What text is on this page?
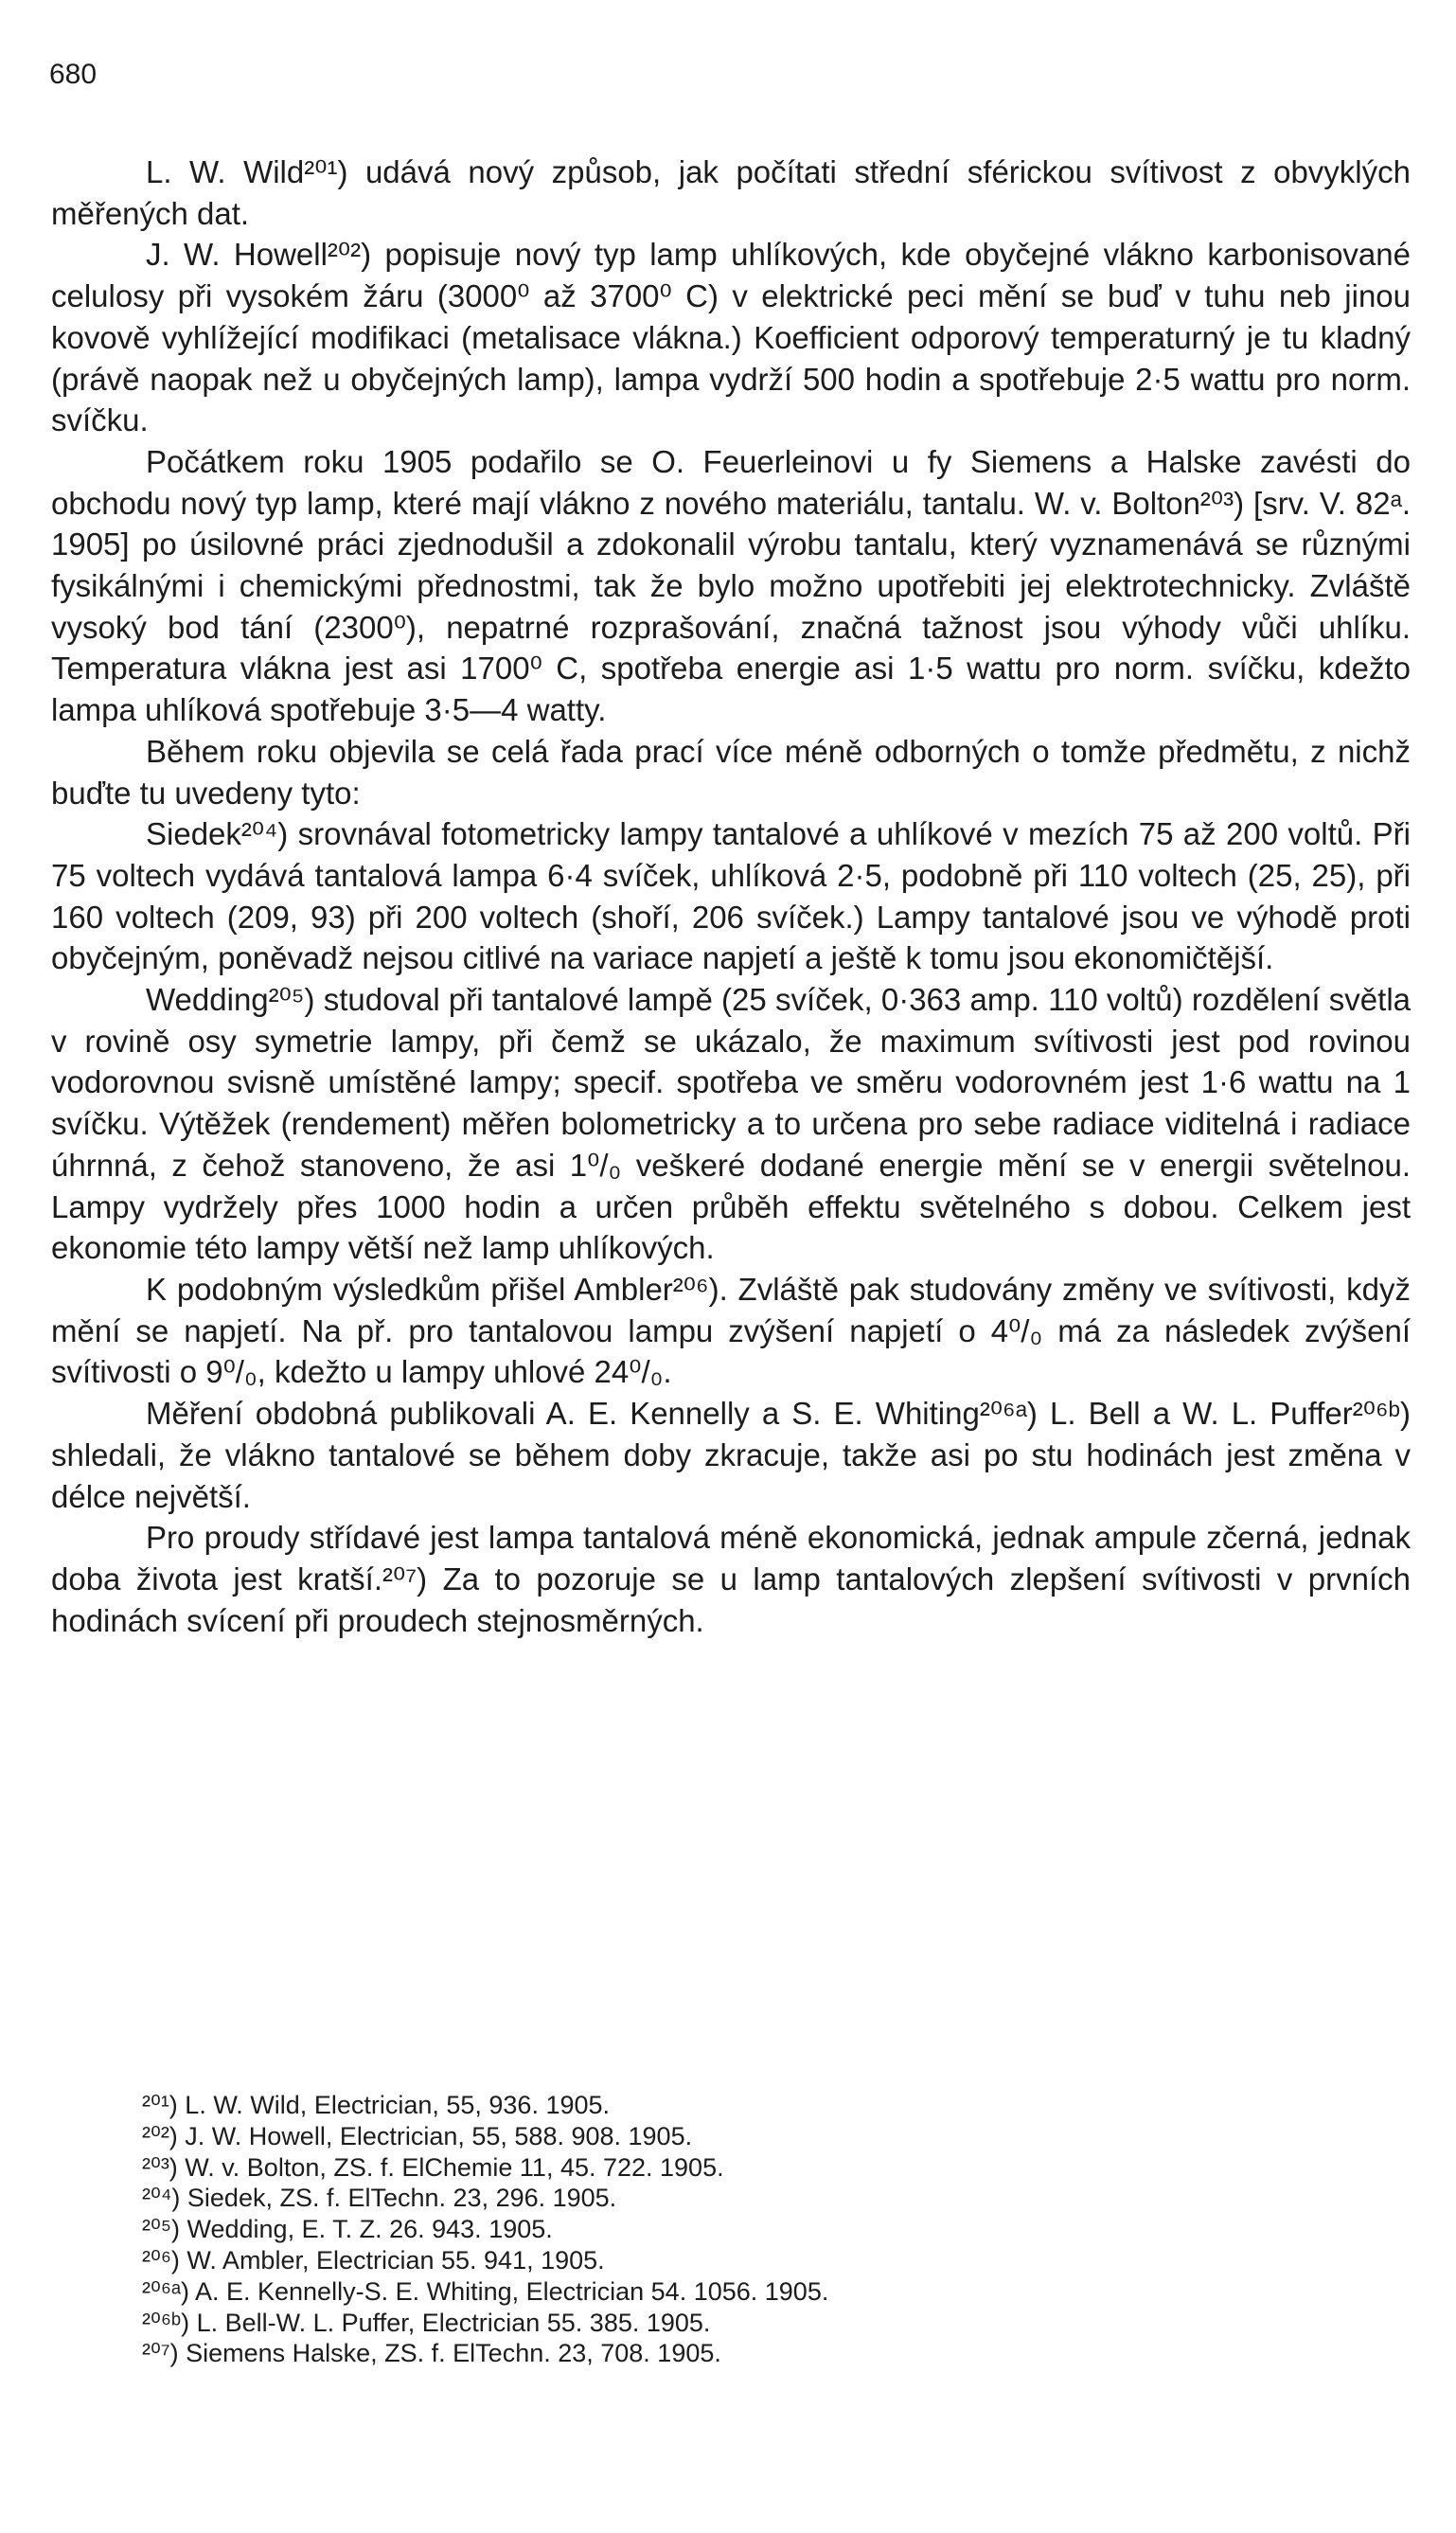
680

L. W. Wild²⁰¹) udává nový způsob, jak počítati střední sférickou svítivost z obvyklých měřených dat.

J. W. Howell²⁰²) popisuje nový typ lamp uhlíkových, kde obyčejné vlákno karbonisované celulosy při vysokém žáru (3000⁰ až 3700⁰ C) v elektrické peci mění se buď v tuhu neb jinou kovově vyhlížející modifikaci (metalisace vlákna.) Koefficient odporový temperaturný je tu kladný (právě naopak než u obyčejných lamp), lampa vydrží 500 hodin a spotřebuje 2·5 wattu pro norm. svíčku.

Počátkem roku 1905 podařilo se O. Feuerleinovi u fy Siemens a Halske zavésti do obchodu nový typ lamp, které mají vlákno z nového materiálu, tantalu. W. v. Bolton²⁰³) [srv. V. 82ᵃ. 1905] po úsilovné práci zjednodušil a zdokonalil výrobu tantalu, který vyznamenává se různými fysikálnými i chemickými přednostmi, tak že bylo možno upotřebiti jej elektrotechnicky. Zvláště vysoký bod tání (2300⁰), nepatrné rozprašování, značná tažnost jsou výhody vůči uhlíku. Temperatura vlákna jest asi 1700⁰ C, spotřeba energie asi 1·5 wattu pro norm. svíčku, kdežto lampa uhlíková spotřebuje 3·5—4 watty.

Během roku objevila se celá řada prací více méně odborných o tomže předmětu, z nichž buďte tu uvedeny tyto:

Siedek²⁰⁴) srovnával fotometricky lampy tantalové a uhlíkové v mezích 75 až 200 voltů. Při 75 voltech vydává tantalová lampa 6·4 svíček, uhlíková 2·5, podobně při 110 voltech (25, 25), při 160 voltech (209, 93) při 200 voltech (shoří, 206 svíček.) Lampy tantalové jsou ve výhodě proti obyčejným, poněvadž nejsou citlivé na variace napjetí a ještě k tomu jsou ekonomičtější.

Wedding²⁰⁵) studoval při tantalové lampě (25 svíček, 0·363 amp. 110 voltů) rozdělení světla v rovině osy symetrie lampy, při čemž se ukázalo, že maximum svítivosti jest pod rovinou vodorovnou svisně umístěné lampy; specif. spotřeba ve směru vodorovném jest 1·6 wattu na 1 svíčku. Výtěžek (rendement) měřen bolometricky a to určena pro sebe radiace viditelná i radiace úhrnná, z čehož stanoveno, že asi 1⁰/₀ veškeré dodané energie mění se v energii světelnou. Lampy vydržely přes 1000 hodin a určen průběh effektu světelného s dobou. Celkem jest ekonomie této lampy větší než lamp uhlíkových.

K podobným výsledkům přišel Ambler²⁰⁶). Zvláště pak studovány změny ve svítivosti, když mění se napjetí. Na př. pro tantalovou lampu zvýšení napjetí o 4⁰/₀ má za následek zvýšení svítivosti o 9⁰/₀, kdežto u lampy uhlové 24⁰/₀.

Měření obdobná publikovali A. E. Kennelly a S. E. Whiting²⁰⁶ᵃ) L. Bell a W. L. Puffer²⁰⁶ᵇ) shledali, že vlákno tantalové se během doby zkracuje, takže asi po stu hodinách jest změna v délce největší.

Pro proudy střídavé jest lampa tantalová méně ekonomická, jednak ampule zčerná, jednak doba života jest kratší.²⁰⁷) Za to pozoruje se u lamp tantalových zlepšení svítivosti v prvních hodinách svícení při proudech stejnosměrných.

²⁰¹) L. W. Wild, Electrician, 55, 936. 1905.

²⁰²) J. W. Howell, Electrician, 55, 588. 908. 1905.

²⁰³) W. v. Bolton, ZS. f. ElChemie 11, 45. 722. 1905.

²⁰⁴) Siedek, ZS. f. ElTechn. 23, 296. 1905.

²⁰⁵) Wedding, E. T. Z. 26. 943. 1905.

²⁰⁶) W. Ambler, Electrician 55. 941, 1905.

²⁰⁶ᵃ) A. E. Kennelly-S. E. Whiting, Electrician 54. 1056. 1905.

²⁰⁶ᵇ) L. Bell-W. L. Puffer, Electrician 55. 385. 1905.

²⁰⁷) Siemens Halske, ZS. f. ElTechn. 23, 708. 1905.
